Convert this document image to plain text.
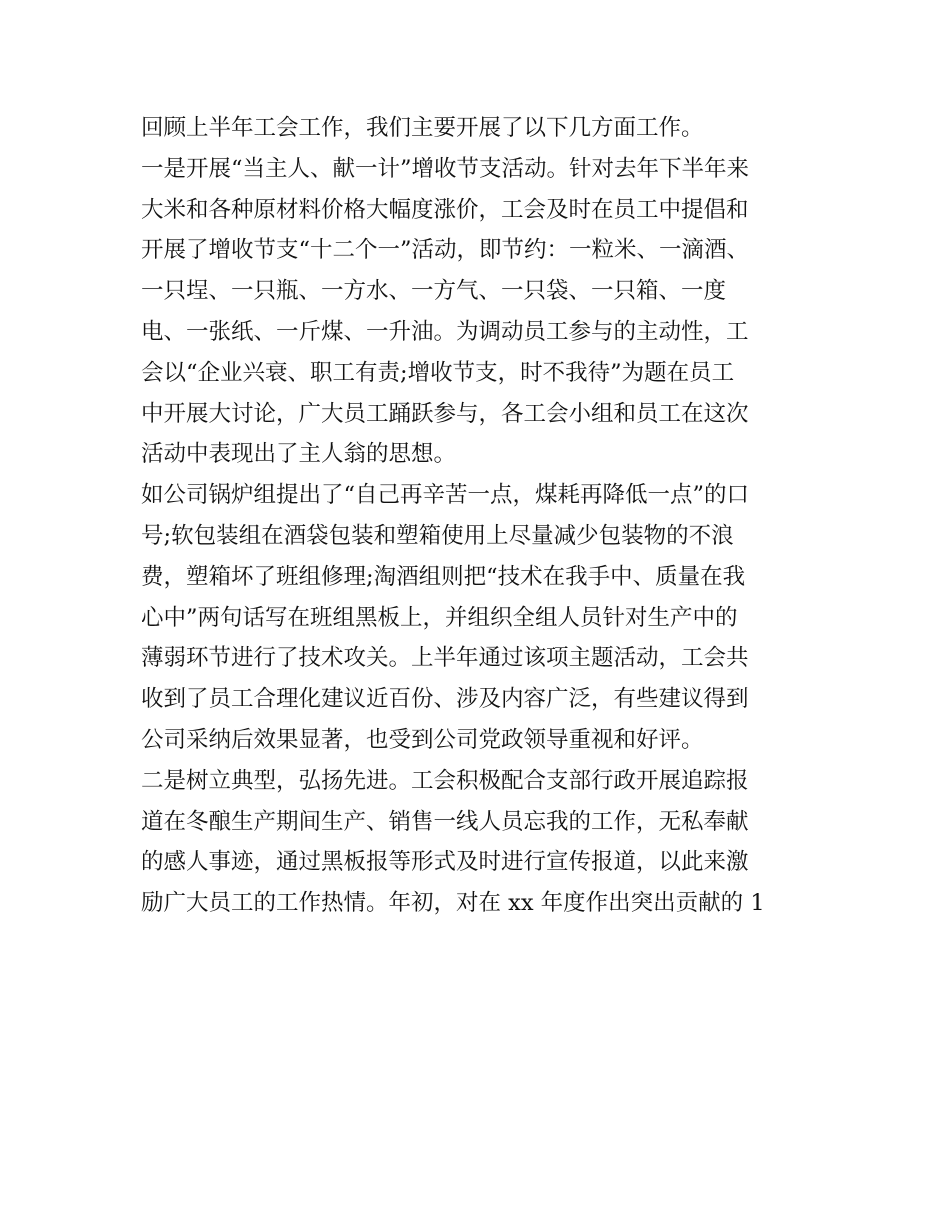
回顾上半年工会工作，我们主要开展了以下几方面工作。
一是开展“当主人、献一计”增收节支活动。针对去年下半年来
大米和各种原材料价格大幅度涨价，工会及时在员工中提倡和
开展了增收节支“十二个一”活动，即节约：一粒米、一滴酒、
一只埕、一只瓶、一方水、一方气、一只袋、一只箱、一度
电、一张纸、一斤煤、一升油。为调动员工参与的主动性，工
会以“企业兴衰、职工有责;增收节支，时不我待”为题在员工
中开展大讨论，广大员工踊跃参与，各工会小组和员工在这次
活动中表现出了主人翁的思想。
如公司锅炉组提出了“自己再辛苦一点，煤耗再降低一点”的口
号;软包装组在酒袋包装和塑箱使用上尽量减少包装物的不浪
费，塑箱坏了班组修理;淘酒组则把“技术在我手中、质量在我
心中”两句话写在班组黑板上，并组织全组人员针对生产中的
薄弱环节进行了技术攻关。上半年通过该项主题活动，工会共
收到了员工合理化建议近百份、涉及内容广泛，有些建议得到
公司采纳后效果显著，也受到公司党政领导重视和好评。
二是树立典型，弘扬先进。工会积极配合支部行政开展追踪报
道在冬酿生产期间生产、销售一线人员忘我的工作，无私奉献
的感人事迹，通过黑板报等形式及时进行宣传报道，以此来激
励广大员工的工作热情。年初，对在 xx 年度作出突出贡献的 1
